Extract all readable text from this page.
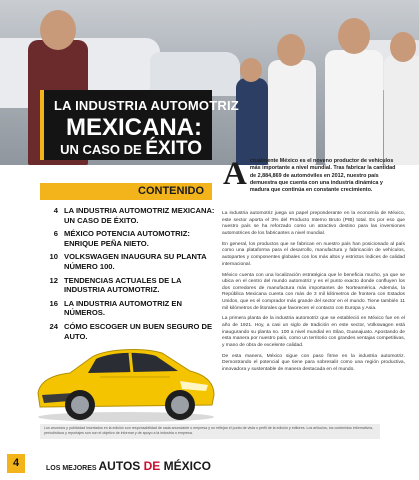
LA INDUSTRIA AUTOMOTRIZ
MEXICANA:
UN CASO DE ÉXITO
Actualmente México es el noveno productor de vehículos más importante a nivel mundial. Tras fabricar la cantidad de 2,884,869 de automóviles en 2012, nuestro país demuestra que cuenta con una industria dinámica y madura que continúa en constante crecimiento.
CONTENIDO
4 LA INDUSTRIA AUTOMOTRIZ MEXICANA: UN CASO DE ÉXITO.
6 MÉXICO POTENCIA AUTOMOTRIZ: ENRIQUE PEÑA NIETO.
10 VOLKSWAGEN INAUGURA SU PLANTA NÚMERO 100.
12 TENDENCIAS ACTUALES DE LA INDUSTRIA AUTOMOTRIZ.
16 LA INDUSTRIA AUTOMOTRIZ EN NÚMEROS.
24 CÓMO ESCOGER UN BUEN SEGURO DE AUTO.

La industria automotriz juega un papel preponderante en la economía de México, este sector aporta el 3% del Producto Interno Bruto (PIB) total. Es por eso que nuestro país se ha reforzado como un atractivo destino para las inversiones automotrices de los fabricantes a nivel mundial.

En general, los productos que se fabrican en nuestro país han posicionado al país como una plataforma para el desarrollo, manufactura y fabricación de vehículos, autopartes y componentes globales con los más altos y estrictos índices de calidad internacional.

México cuenta con una localización estratégica que le beneficia mucho, ya que se ubica en el centro del mundo automotriz y es el punto exacto donde confluyen los dos corredores de manufactura más importantes de Norteamérica. Además, la República Mexicana cuenta con más de 3 mil kilómetros de frontera con Estados Unidos, que es el comprador más grande del sector en el mundo. Tiene también 11 mil kilómetros de litorales que favorecen el contacto con Europa y Asia.

La primera planta de la industria automotriz que se estableció en México fue en el año de 1921. Hoy, a casi un siglo de tradición en este sector, Volkswagen está inaugurando su planta no. 100 a nivel mundial en Silao, Guanajuato. Apostando de esta manera por nuestro país, como un territorio con grandes ventajas competitivas, y mano de obra de excelente calidad.

De esta manera, México sigue con paso firme en la industria automotriz. Demostrando el potencial que tiene para sobresalir como una región productiva, innovadora y sustentable de manera destacada en el mundo.

Los anuncios y publicidad insertados en la edición son responsabilidad de cada anunciante o empresa y no reflejan el punto de vista o perfil de la edición y editores. Los artículos, los contenidos informativos, periodísticos y reportajes son con el objetivo de informar y de apoyo a la industria o empresa.
4	LOS MEJORES AUTOS DE MÉXICO
